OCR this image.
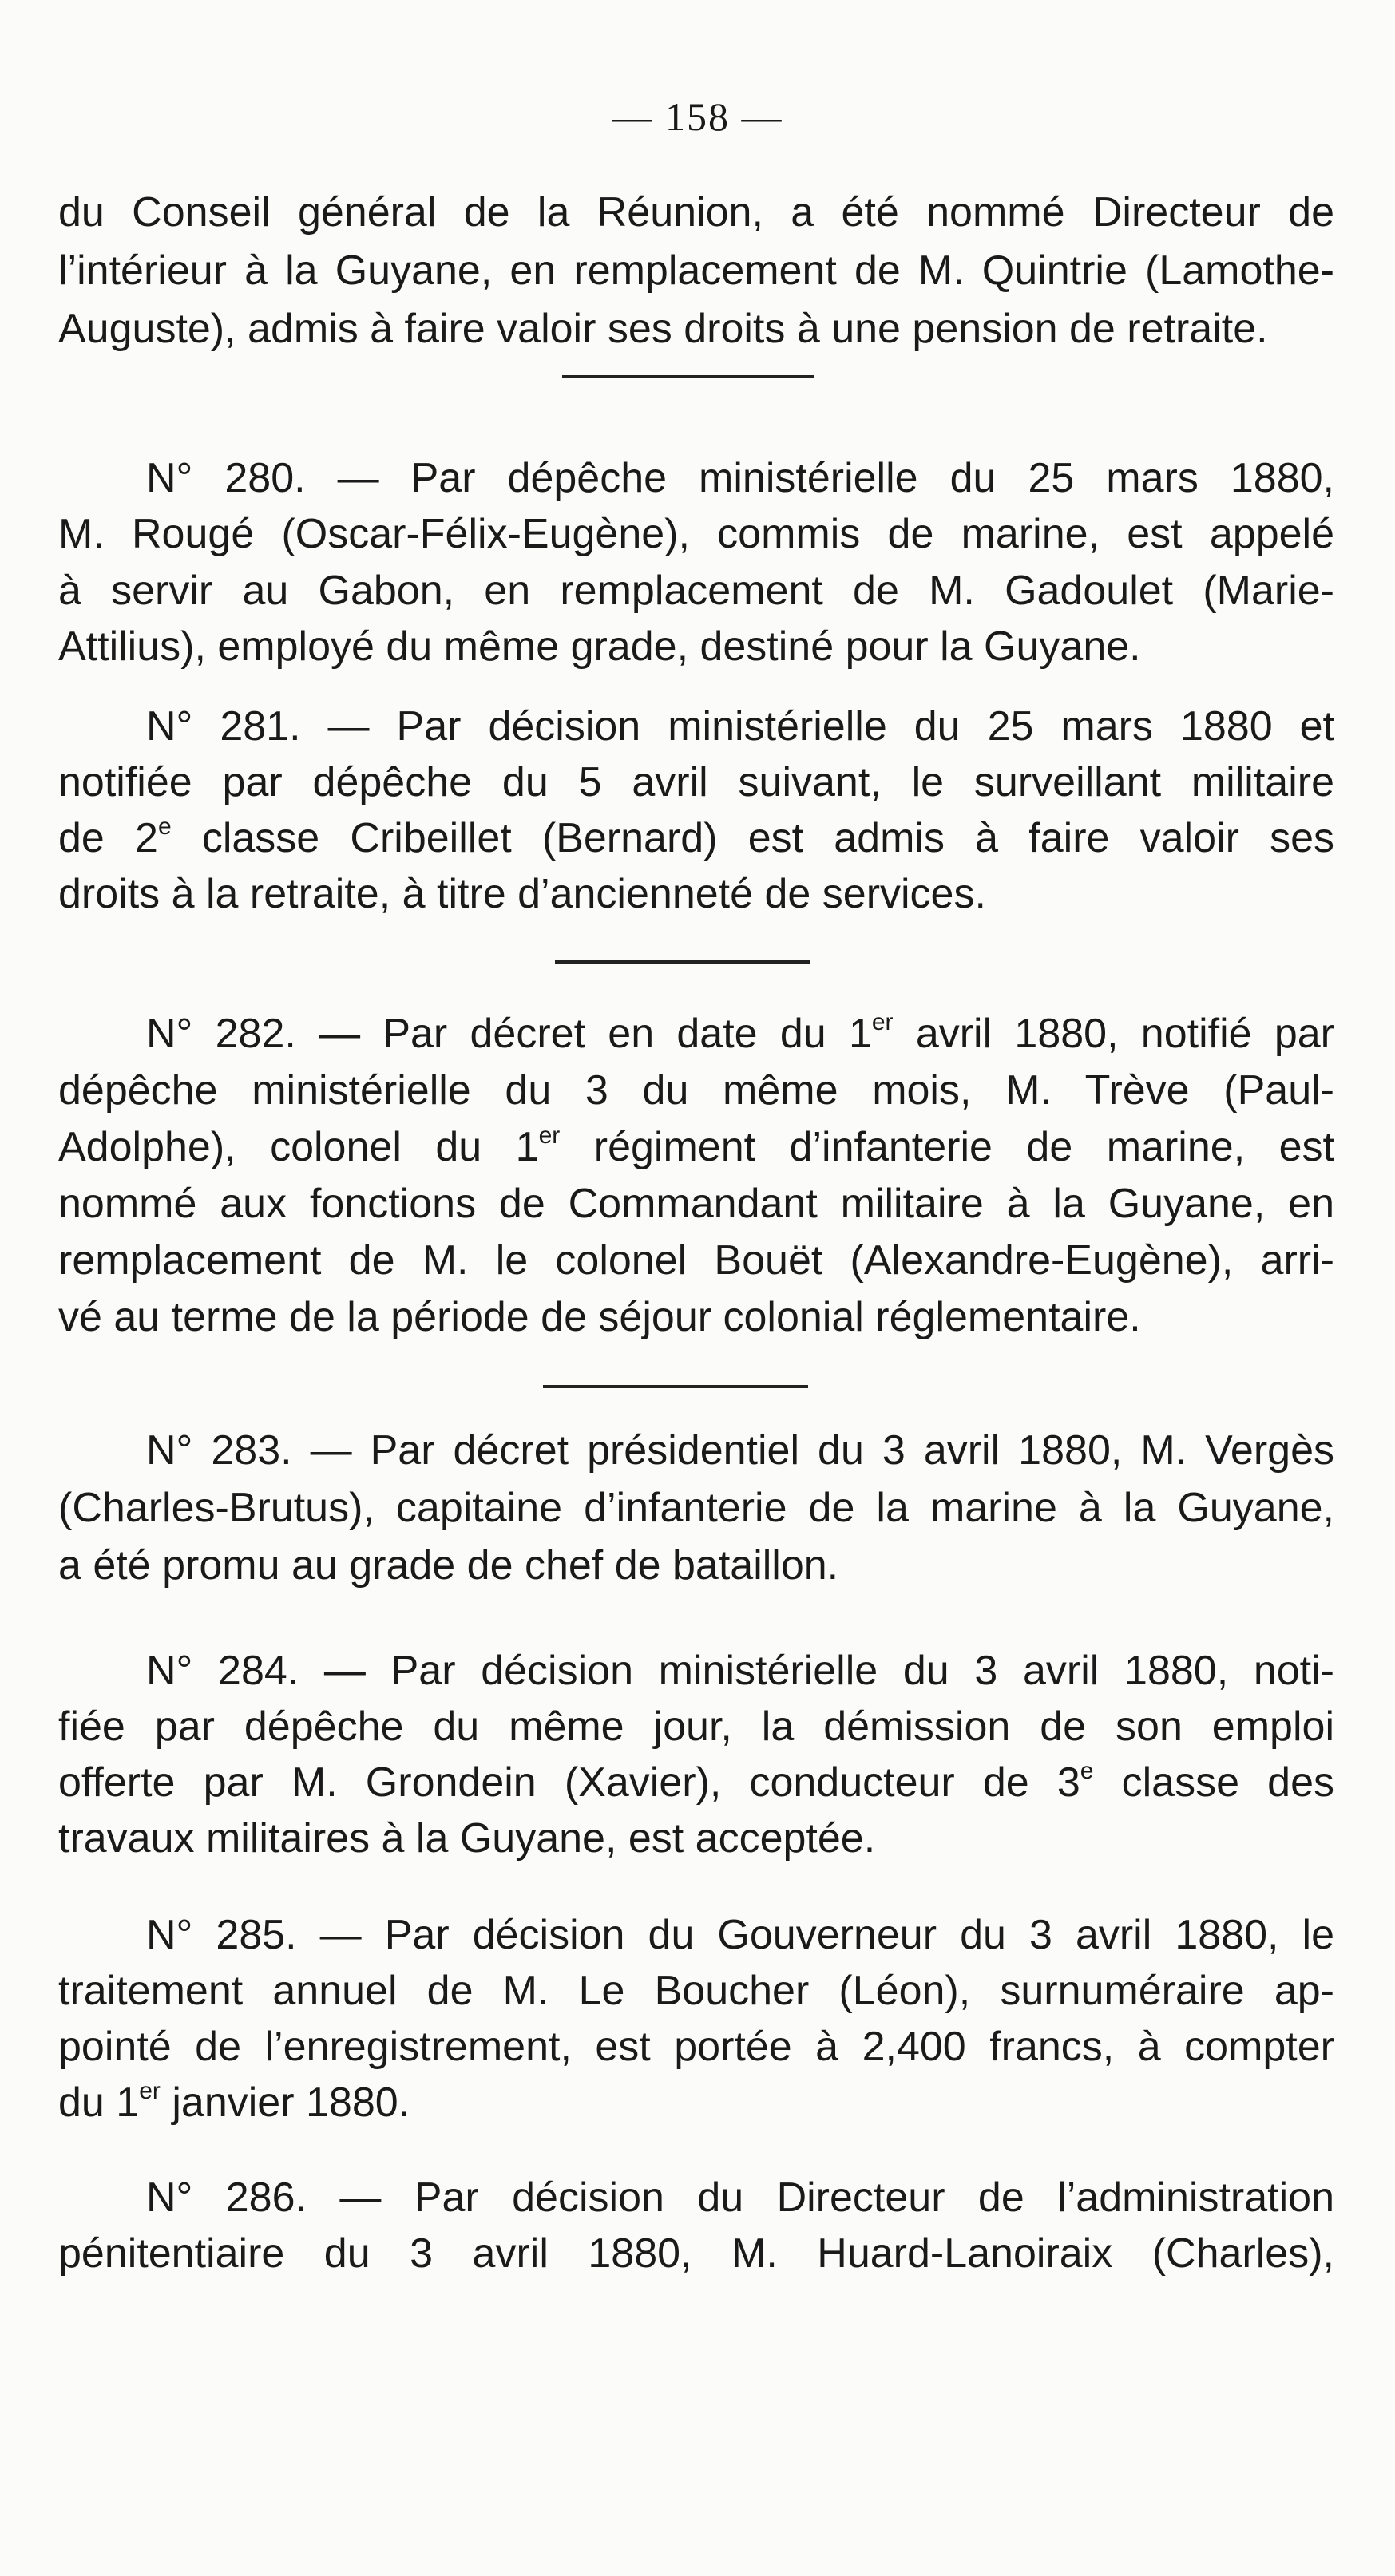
— 158 —
du Conseil général de la Réunion, a été nommé Directeur de
l’intérieur à la Guyane, en remplacement de M. Quintrie (Lamothe-
Auguste), admis à faire valoir ses droits à une pension de retraite.
N° 280. — Par dépêche ministérielle du 25 mars 1880,
M. Rougé (Oscar-Félix-Eugène), commis de marine, est appelé
à servir au Gabon, en remplacement de M. Gadoulet (Marie-
Attilius), employé du même grade, destiné pour la Guyane.
N° 281. — Par décision ministérielle du 25 mars 1880 et
notifiée par dépêche du 5 avril suivant, le surveillant militaire
de 2e classe Cribeillet (Bernard) est admis à faire valoir ses
droits à la retraite, à titre d’ancienneté de services.
N° 282. — Par décret en date du 1er avril 1880, notifié par
dépêche ministérielle du 3 du même mois, M. Trève (Paul-
Adolphe), colonel du 1er régiment d’infanterie de marine, est
nommé aux fonctions de Commandant militaire à la Guyane, en
remplacement de M. le colonel Bouët (Alexandre-Eugène), arri-
vé au terme de la période de séjour colonial réglementaire.
N° 283. — Par décret présidentiel du 3 avril 1880, M. Vergès
(Charles-Brutus), capitaine d’infanterie de la marine à la Guyane,
a été promu au grade de chef de bataillon.
N° 284. — Par décision ministérielle du 3 avril 1880, noti-
fiée par dépêche du même jour, la démission de son emploi
offerte par M. Grondein (Xavier), conducteur de 3e classe des
travaux militaires à la Guyane, est acceptée.
N° 285. — Par décision du Gouverneur du 3 avril 1880, le
traitement annuel de M. Le Boucher (Léon), surnuméraire ap-
pointé de l’enregistrement, est portée à 2,400 francs, à compter
du 1er janvier 1880.
N° 286. — Par décision du Directeur de l’administration
pénitentiaire du 3 avril 1880, M. Huard-Lanoiraix (Charles),
